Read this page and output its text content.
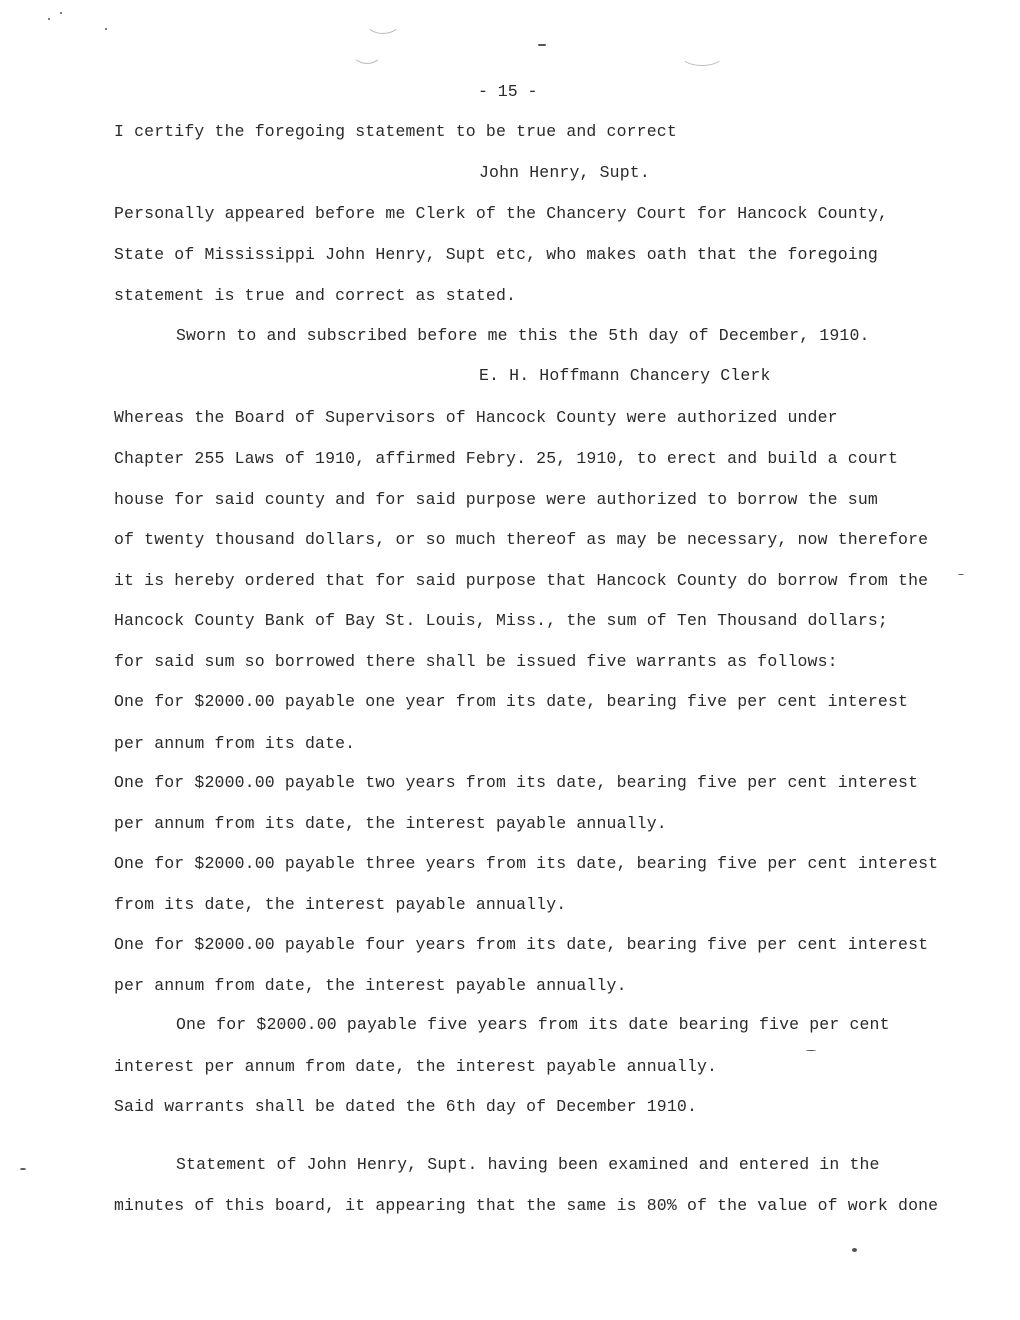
- 15 -
I certify the foregoing statement to be true and correct
John Henry, Supt.
Personally appeared before me Clerk of the Chancery Court for Hancock County,
State of Mississippi John Henry, Supt etc, who makes oath that the foregoing
statement is true and correct as stated.
Sworn to and subscribed before me this the 5th day of December, 1910.
E. H. Hoffmann Chancery Clerk
Whereas the Board of Supervisors of Hancock County were authorized under
Chapter 255 Laws of 1910, affirmed Febry. 25, 1910, to erect and build a court
house for said county and for said purpose were authorized to borrow the sum
of twenty thousand dollars, or so much thereof as may be necessary, now therefore
it is hereby ordered that for said purpose that Hancock County do borrow from the
Hancock County Bank of Bay St. Louis, Miss., the sum of Ten Thousand dollars;
for said sum so borrowed there shall be issued five warrants as follows:
One for $2000.00 payable one year from its date, bearing five per cent interest
per annum from its date.
One for $2000.00 payable two years from its date, bearing five per cent interest
per annum from its date, the interest payable annually.
One for $2000.00 payable three years from its date, bearing five per cent interest
from its date, the interest payable annually.
One for $2000.00 payable four years from its date, bearing five per cent interest
per annum from date, the interest payable annually.
One for $2000.00 payable five years from its date bearing five per cent
interest per annum from date, the interest payable annually.
Said warrants shall be dated the 6th day of December 1910.
Statement of John Henry, Supt. having been examined and entered in the
minutes of this board, it appearing that the same is 80% of the value of work done
